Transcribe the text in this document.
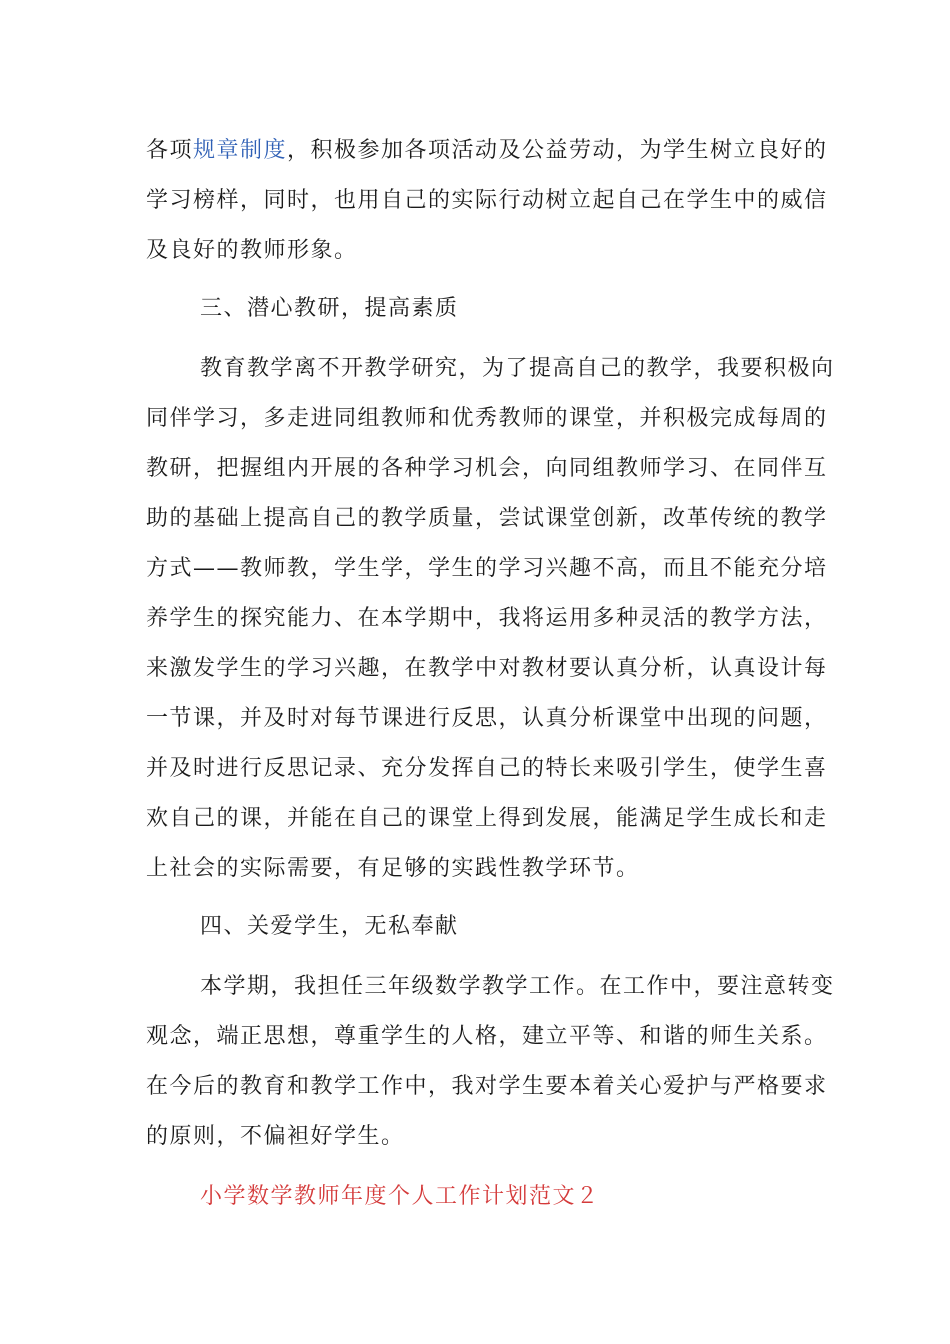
各项规章制度，积极参加各项活动及公益劳动，为学生树立良好的
学习榜样，同时，也用自己的实际行动树立起自己在学生中的威信
及良好的教师形象。
三、潜心教研，提高素质
教育教学离不开教学研究，为了提高自己的教学，我要积极向
同伴学习，多走进同组教师和优秀教师的课堂，并积极完成每周的
教研，把握组内开展的各种学习机会，向同组教师学习、在同伴互
助的基础上提高自己的教学质量，尝试课堂创新，改革传统的教学
方式——教师教，学生学，学生的学习兴趣不高，而且不能充分培
养学生的探究能力、在本学期中，我将运用多种灵活的教学方法，
来激发学生的学习兴趣，在教学中对教材要认真分析，认真设计每
一节课，并及时对每节课进行反思，认真分析课堂中出现的问题，
并及时进行反思记录、充分发挥自己的特长来吸引学生，使学生喜
欢自己的课，并能在自己的课堂上得到发展，能满足学生成长和走
上社会的实际需要，有足够的实践性教学环节。
四、关爱学生，无私奉献
本学期，我担任三年级数学教学工作。在工作中，要注意转变
观念，端正思想，尊重学生的人格，建立平等、和谐的师生关系。
在今后的教育和教学工作中，我对学生要本着关心爱护与严格要求
的原则，不偏袒好学生。
小学数学教师年度个人工作计划范文２
